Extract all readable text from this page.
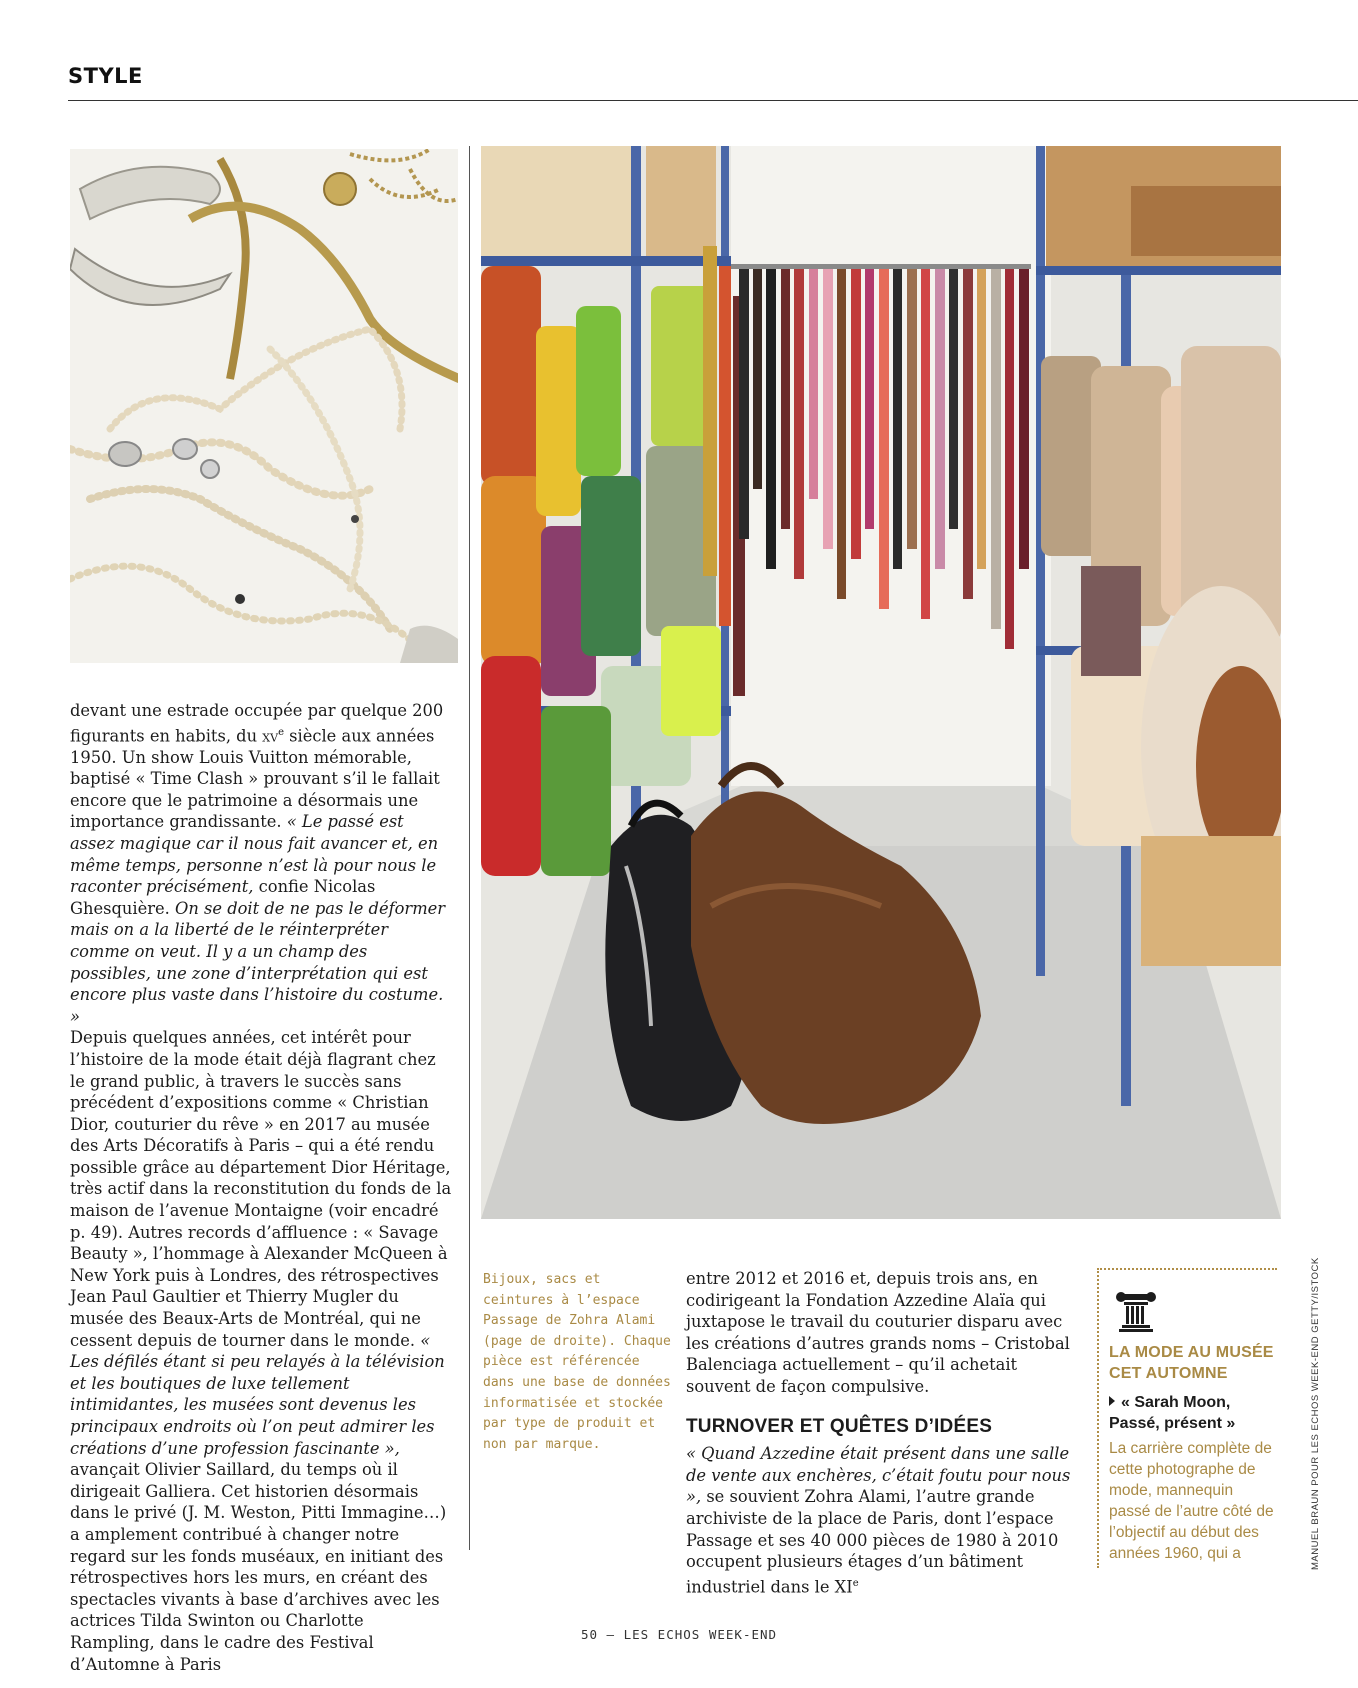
STYLE

devant une estrade occupée par quelque 200 figurants en habits, du $xv^e$ siècle aux années 1950. Un show Louis Vuitton mémorable, baptisé « Time Clash » prouvant s’il le fallait encore que le patrimoine a désormais une importance grandissante. « Le passé est assez magique car il nous fait avancer et, en même temps, personne n’est là pour nous le raconter précisément, confie Nicolas Ghesquière. On se doit de ne pas le déformer mais on a la liberté de le réinterpréter comme on veut. Il y a un champ des possibles, une zone d’interprétation qui est encore plus vaste dans l’histoire du costume. »

Depuis quelques années, cet intérêt pour l’histoire de la mode était déjà flagrant chez le grand public, à travers le succès sans précédent d’expositions comme « Christian Dior, couturier du rêve » en 2017 au musée des Arts Décoratifs à Paris – qui a été rendu possible grâce au département Dior Héritage, très actif dans la reconstitution du fonds de la maison de l’avenue Montaigne (voir encadré p. 49). Autres records d’affluence : « Savage Beauty », l’hommage à Alexander McQueen à New York puis à Londres, des rétrospectives Jean Paul Gaultier et Thierry Mugler du musée des Beaux-Arts de Montréal, qui ne cessent depuis de tourner dans le monde. « Les défilés étant si peu relayés à la télévision et les boutiques de luxe tellement intimidantes, les musées sont devenus les principaux endroits où l’on peut admirer les créations d’une profession fascinante », avançait Olivier Saillard, du temps où il dirigeait Galliera. Cet historien désormais dans le privé (J. M. Weston, Pitti Immagine…) a amplement contribué à changer notre regard sur les fonds muséaux, en initiant des rétrospectives hors les murs, en créant des spectacles vivants à base d’archives avec les actrices Tilda Swinton ou Charlotte Rampling, dans le cadre des Festival d’Automne à Paris

Bijoux, sacs et ceintures à l’espace Passage de Zohra Alami (page de droite). Chaque pièce est référencée dans une base de données informatisée et stockée par type de produit et non par marque.

entre 2012 et 2016 et, depuis trois ans, en codirigeant la Fondation Azzedine Alaïa qui juxtapose le travail du couturier disparu avec les créations d’autres grands noms – Cristobal Balenciaga actuellement – qu’il achetait souvent de façon compulsive.

TURNOVER ET QUÊTES D’IDÉES

« Quand Azzedine était présent dans une salle de vente aux enchères, c’était foutu pour nous », se souvient Zohra Alami, l’autre grande archiviste de la place de Paris, dont l’espace Passage et ses 40 000 pièces de 1980 à 2010 occupent plusieurs étages d’un bâtiment industriel dans le XIe

LA MODE AU MUSÉE CET AUTOMNE
« Sarah Moon, Passé, présent »

La carrière complète de cette photographe de mode, mannequin passé de l’autre côté de l’objectif au début des années 1960, qui a	MANUEL BRAUN POUR LES ECHOS WEEK-END GETTY/ISTOCK
50 – LES ECHOS WEEK-END
